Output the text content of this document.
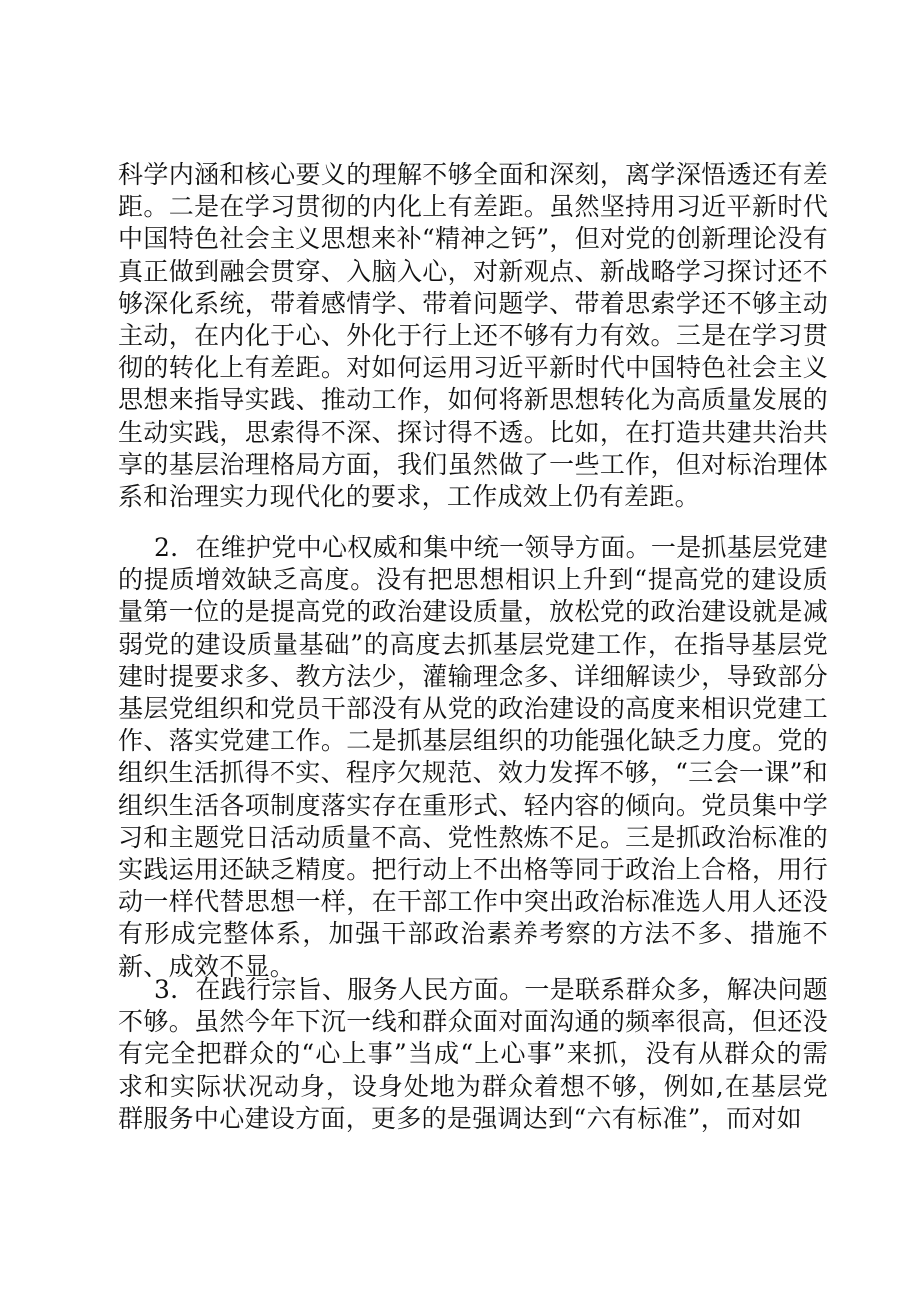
科学内涵和核心要义的理解不够全面和深刻，离学深悟透还有差距。二是在学习贯彻的内化上有差距。虽然坚持用习近平新时代中国特色社会主义思想来补“精神之钙”，但对党的创新理论没有真正做到融会贯穿、入脑入心，对新观点、新战略学习探讨还不够深化系统，带着感情学、带着问题学、带着思索学还不够主动主动，在内化于心、外化于行上还不够有力有效。三是在学习贯彻的转化上有差距。对如何运用习近平新时代中国特色社会主义思想来指导实践、推动工作，如何将新思想转化为高质量发展的生动实践，思索得不深、探讨得不透。比如，在打造共建共治共享的基层治理格局方面，我们虽然做了一些工作，但对标治理体系和治理实力现代化的要求，工作成效上仍有差距。

2．在维护党中心权威和集中统一领导方面。一是抓基层党建的提质增效缺乏高度。没有把思想相识上升到“提高党的建设质量第一位的是提高党的政治建设质量，放松党的政治建设就是减弱党的建设质量基础”的高度去抓基层党建工作，在指导基层党建时提要求多、教方法少，灌输理念多、详细解读少，导致部分基层党组织和党员干部没有从党的政治建设的高度来相识党建工作、落实党建工作。二是抓基层组织的功能强化缺乏力度。党的组织生活抓得不实、程序欠规范、效力发挥不够，“三会一课”和组织生活各项制度落实存在重形式、轻内容的倾向。党员集中学习和主题党日活动质量不高、党性熬炼不足。三是抓政治标准的实践运用还缺乏精度。把行动上不出格等同于政治上合格，用行动一样代替思想一样，在干部工作中突出政治标准选人用人还没有形成完整体系，加强干部政治素养考察的方法不多、措施不新、成效不显。

3．在践行宗旨、服务人民方面。一是联系群众多，解决问题不够。虽然今年下沉一线和群众面对面沟通的频率很高，但还没有完全把群众的“心上事”当成“上心事”来抓，没有从群众的需求和实际状况动身，设身处地为群众着想不够，例如,在基层党群服务中心建设方面，更多的是强调达到“六有标准”，而对如
